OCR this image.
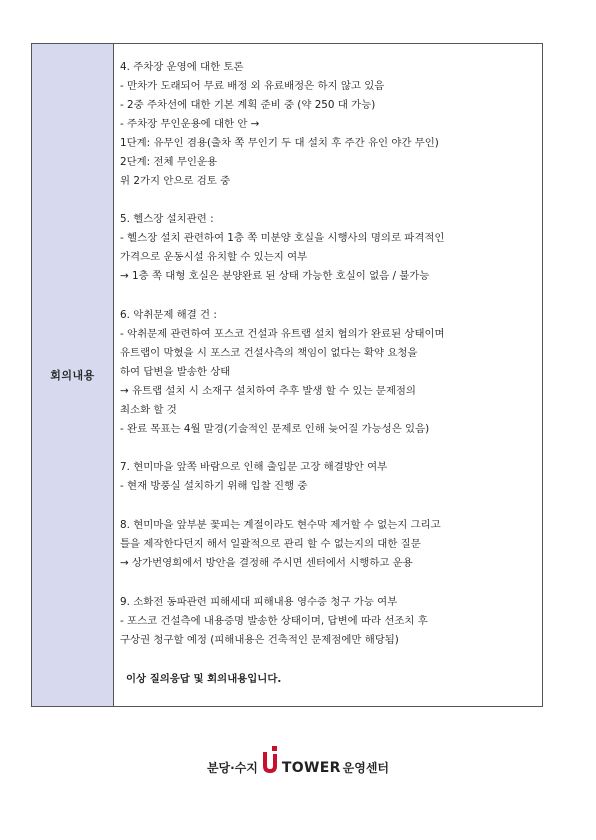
회의내용
4. 주차장 운영에 대한 토론
- 만차가 도래되어 무료 배정 외 유료배정은 하지 않고 있음
- 2중 주차선에 대한 기본 계획 준비 중 (약 250 대 가능)
- 주차장 무인운용에 대한 안 →
1단계: 유무인 겸용(출차 쪽 무인기 두 대 설치 후 주간 유인 야간 무인)
2단계: 전체 무인운용
위 2가지 안으로 검토 중
5. 헬스장 설치관련 :
- 헬스장 설치 관련하여 1층 쪽 미분양 호실을 시행사의 명의로 파격적인
가격으로 운동시설 유치할 수 있는지 여부
→ 1층 쪽 대형 호실은 분양완료 된 상태 가능한 호실이 없음 / 불가능
6. 악취문제 해결 건 :
- 악취문제 관련하여 포스코 건설과 유트랩 설치 협의가 완료된 상태이며
유트랩이 막혔을 시 포스코 건설사측의 책임이 없다는 확약 요청을
하여 답변을 발송한 상태
→ 유트랩 설치 시 소재구 설치하여 추후 발생 할 수 있는 문제점의
최소화 할 것
- 완료 목표는 4월 말경(기술적인 문제로 인해 늦어질 가능성은 있음)
7. 현미마을 앞쪽 바람으로 인해 출입문 고장 해결방안 여부
- 현재 방풍실 설치하기 위해 입찰 진행 중
8. 현미마을 앞부분 꽃피는 계절이라도 현수막 제거할 수 없는지 그리고
틀을 제작한다던지 해서 일괄적으로 관리 할 수 없는지의 대한 질문
→ 상가번영회에서 방안을 결정해 주시면 센터에서 시행하고 운용
9. 소화전 동파관련 피해세대 피해내용 영수증 청구 가능 여부
- 포스코 건설측에 내용증명 발송한 상태이며, 답변에 따라 선조치 후
구상권 청구할 예정 (피해내용은 건축적인 문제점에만 해당됨)
이상 질의응답 및 회의내용입니다.
분당·수지 TOWER 운영센터
